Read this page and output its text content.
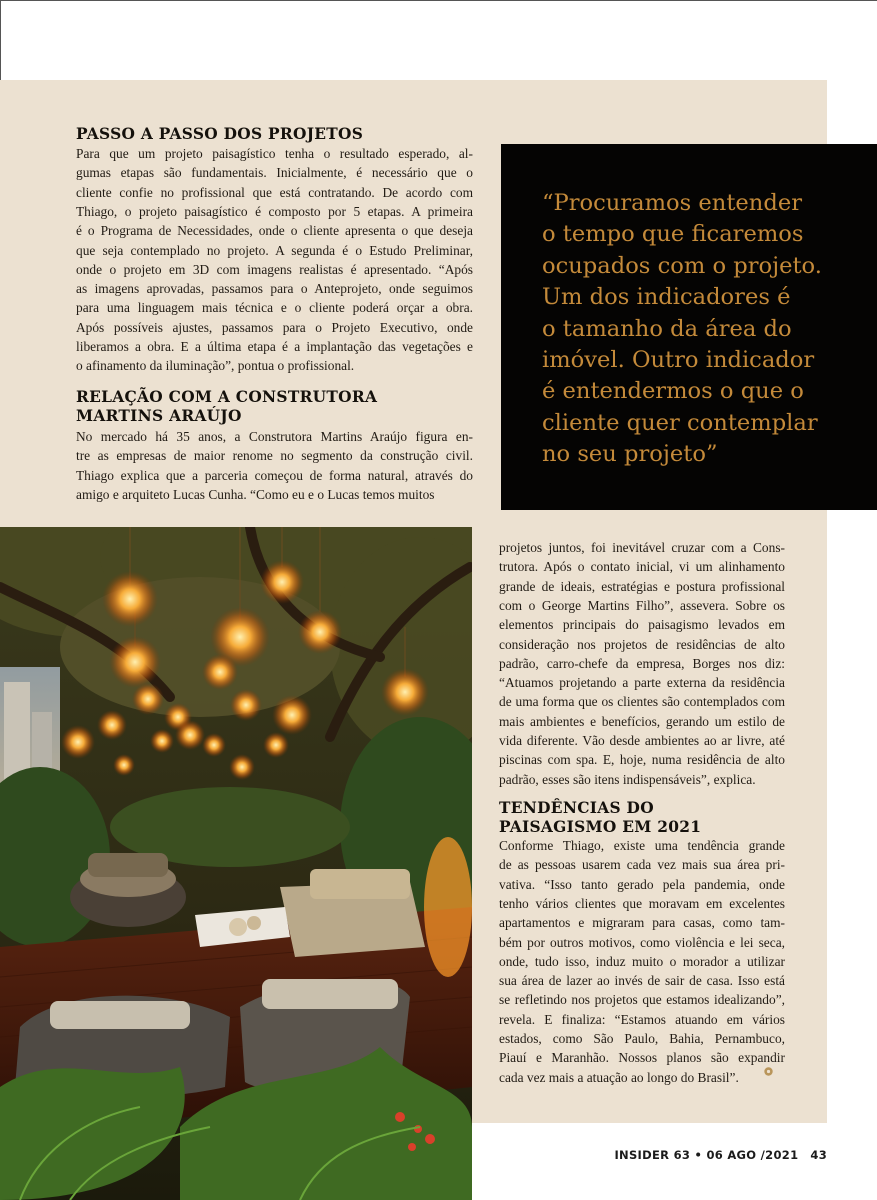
PASSO A PASSO DOS PROJETOS

Para que um projeto paisagístico tenha o resultado esperado, al-

gumas etapas são fundamentais. Inicialmente, é necessário que o

cliente confie no profissional que está contratando. De acordo com

Thiago, o projeto paisagístico é composto por 5 etapas. A primeira

é o Programa de Necessidades, onde o cliente apresenta o que deseja

que seja contemplado no projeto. A segunda é o Estudo Preliminar,

onde o projeto em 3D com imagens realistas é apresentado. “Após

as imagens aprovadas, passamos para o Anteprojeto, onde seguimos

para uma linguagem mais técnica e o cliente poderá orçar a obra.

Após possíveis ajustes, passamos para o Projeto Executivo, onde

liberamos a obra. E a última etapa é a implantação das vegetações e

o afinamento da iluminação”, pontua o profissional.

RELAÇÃO COM A CONSTRUTORA
MARTINS ARAÚJO

No mercado há 35 anos, a Construtora Martins Araújo figura en-

tre as empresas de maior renome no segmento da construção civil.

Thiago explica que a parceria começou de forma natural, através do

amigo e arquiteto Lucas Cunha. “Como eu e o Lucas temos muitos

projetos juntos, foi inevitável cruzar com a Cons-

trutora. Após o contato inicial, vi um alinhamento

grande de ideais, estratégias e postura profissional

com o George Martins Filho”, assevera. Sobre os

elementos principais do paisagismo levados em

consideração nos projetos de residências de alto

padrão, carro-chefe da empresa, Borges nos diz:

“Atuamos projetando a parte externa da residência

de uma forma que os clientes são contemplados com

mais ambientes e benefícios, gerando um estilo de

vida diferente. Vão desde ambientes ao ar livre, até

piscinas com spa. E, hoje, numa residência de alto

padrão, esses são itens indispensáveis”, explica.

TENDÊNCIAS DO
PAISAGISMO EM 2021

Conforme Thiago, existe uma tendência grande

de as pessoas usarem cada vez mais sua área pri-

vativa. “Isso tanto gerado pela pandemia, onde

tenho vários clientes que moravam em excelentes

apartamentos e migraram para casas, como tam-

bém por outros motivos, como violência e lei seca,

onde, tudo isso, induz muito o morador a utilizar

sua área de lazer ao invés de sair de casa. Isso está

se refletindo nos projetos que estamos idealizando”,

revela. E finaliza: “Estamos atuando em vários

estados, como São Paulo, Bahia, Pernambuco,

Piauí e Maranhão. Nossos planos são expandir

cada vez mais a atuação ao longo do Brasil”.

“Procuramos entender
o tempo que ficaremos
ocupados com o projeto.
Um dos indicadores é
o tamanho da área do
imóvel. Outro indicador
é entendermos o que o
cliente quer contemplar
no seu projeto”

INSIDER 63 • 06 AGO /2021 43
